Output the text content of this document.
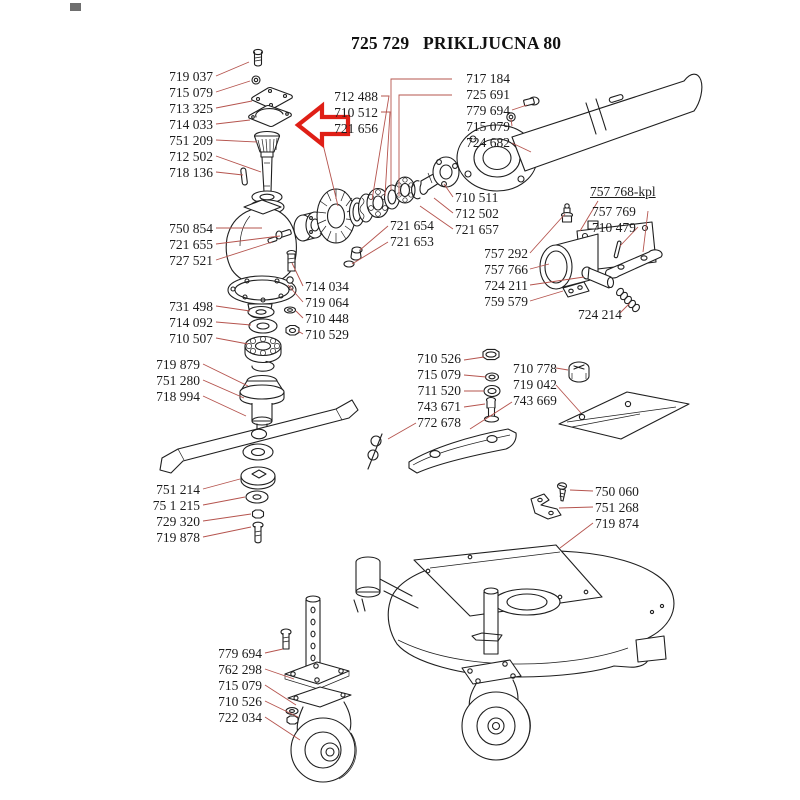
725 729   PRIKLJUCNA 80
719 037
715 079
713 325
714 033
751 209
712 502
718 136
712 488
710 512
721 656
717 184
725 691
779 694
715 079
724 682
710 511
712 502
721 657
721 654
721 653
750 854
721 655
727 521
757 768-kpl
757 769
710 479
757 292
757 766
724 211
759 579
724 214
714 034
719 064
710 448
710 529
731 498
714 092
710 507
719 879
751 280
718 994
710 526
715 079
711 520
743 671
772 678
710 778
719 042
743 669
751 214
75 1 215
729 320
719 878
750 060
751 268
719 874
779 694
762 298
715 079
710 526
722 034
